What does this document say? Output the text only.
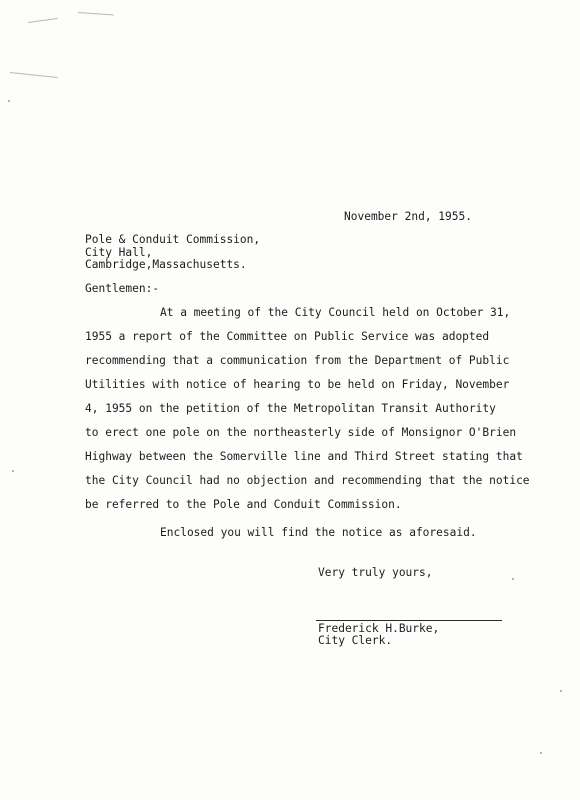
November 2nd, 1955.
Pole & Conduit Commission,
City Hall,
Cambridge,Massachusetts.
Gentlemen:-
At a meeting of the City Council held on October 31,
1955 a report of the Committee on Public Service was adopted
recommending that a communication from the Department of Public
Utilities with notice of hearing to be held on Friday, November
4, 1955 on the petition of the Metropolitan Transit Authority
to erect one pole on the northeasterly side of Monsignor O'Brien
Highway between the Somerville line and Third Street stating that
the City Council had no objection and recommending that the notice
be referred to the Pole and Conduit Commission.
Enclosed you will find the notice as aforesaid.
Very truly yours,
Frederick H.Burke,
City Clerk.
